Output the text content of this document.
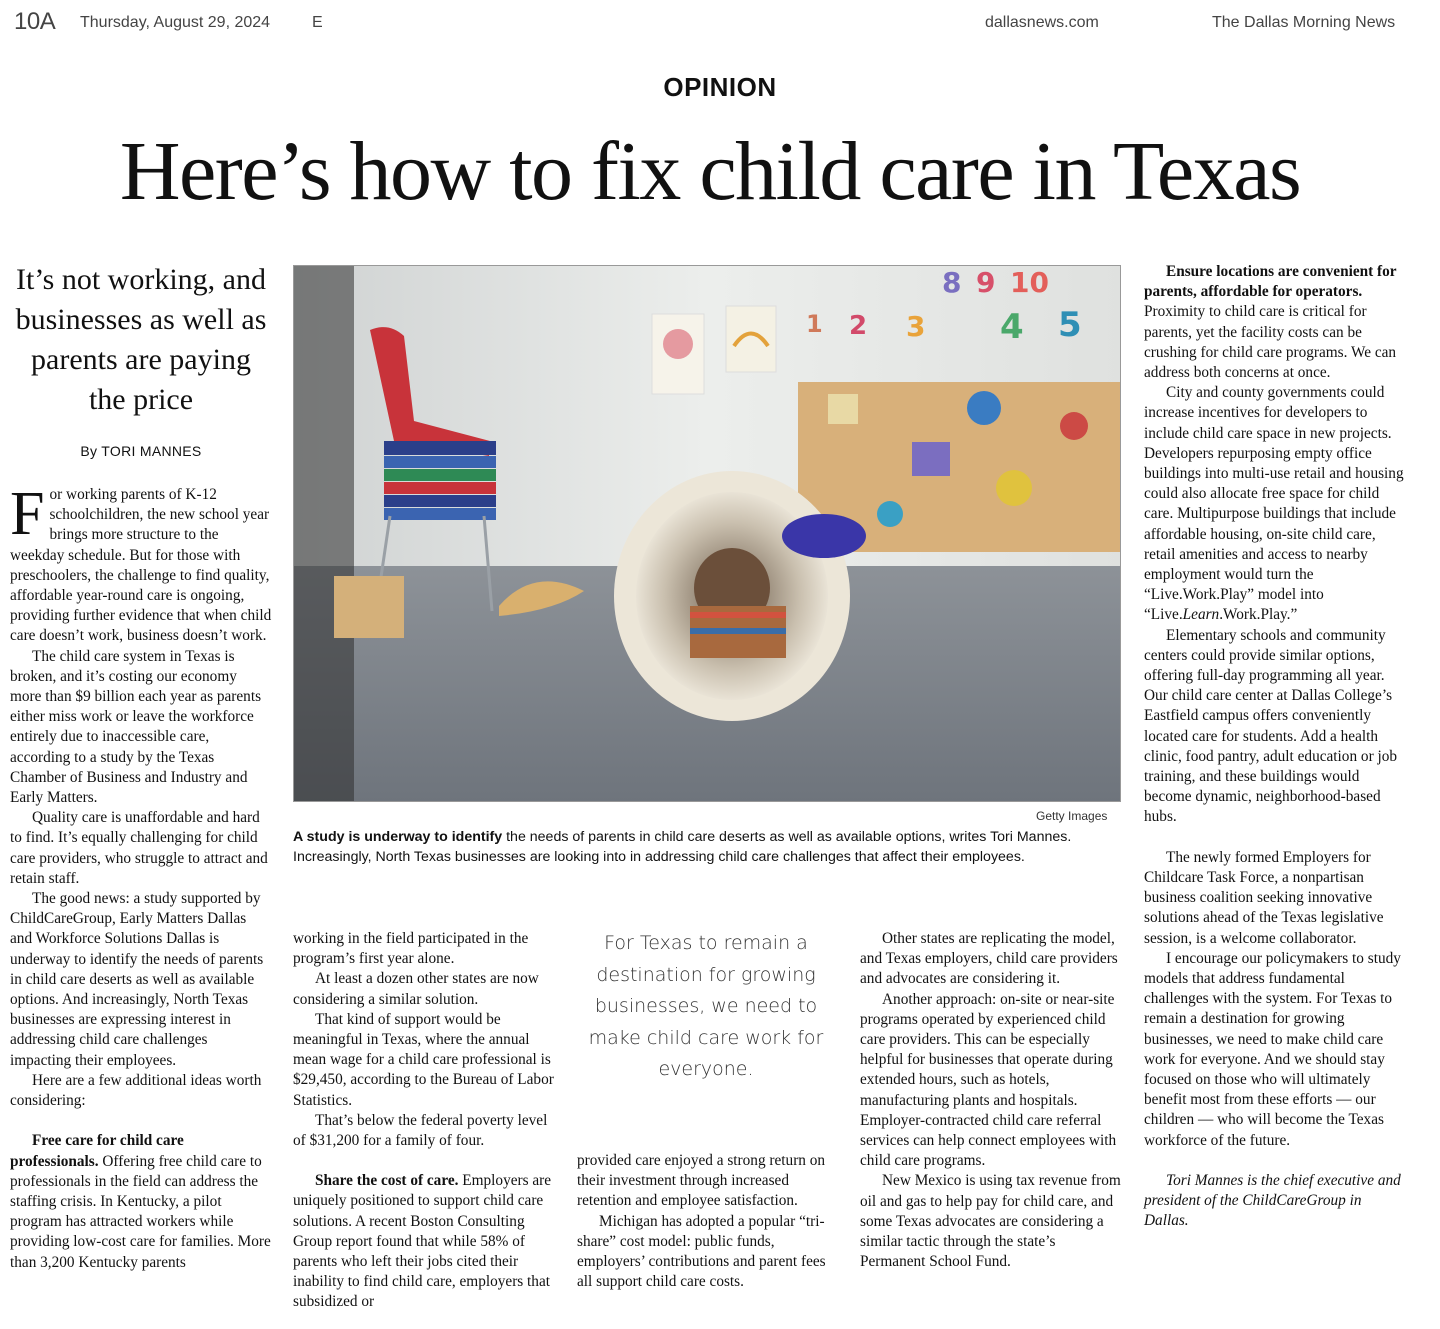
10A Thursday, August 29, 2024	E	dallasnews.com	The Dallas Morning News
OPINION
Here’s how to fix child care in Texas
It’s not working, and businesses as well as parents are paying the price
By TORI MANNES

F or working parents of K-12 schoolchildren, the new school year brings more structure to the weekday schedule. But for those with preschoolers, the challenge to find quality, affordable year-round care is ongoing, providing further evidence that when child care doesn’t work, business doesn’t work.

The child care system in Texas is broken, and it’s costing our economy more than $9 billion each year as parents either miss work or leave the workforce entirely due to inaccessible care, according to a study by the Texas Chamber of Business and Industry and Early Matters.

Quality care is unaffordable and hard to find. It’s equally challenging for child care providers, who struggle to attract and retain staff.

The good news: a study supported by ChildCareGroup, Early Matters Dallas and Workforce Solutions Dallas is underway to identify the needs of parents in child care deserts as well as available options. And increasingly, North Texas businesses are expressing interest in addressing child care challenges impacting their employees.

Here are a few additional ideas worth considering:

Free care for child care professionals. Offering free child care to professionals in the field can address the staffing crisis. In Kentucky, a pilot program has attracted workers while providing low-cost care for families. More than 3,200 Kentucky parents

8 9 10
1 2 3 4 5
Getty Images
A study is underway to identify the needs of parents in child care deserts as well as available options, writes Tori Mannes. Increasingly, North Texas businesses are looking into in addressing child care challenges that affect their employees.

working in the field participated in the program’s first year alone.

At least a dozen other states are now considering a similar solution.

That kind of support would be meaningful in Texas, where the annual mean wage for a child care professional is $29,450, according to the Bureau of Labor Statistics.

That’s below the federal poverty level of $31,200 for a family of four.

Share the cost of care. Employers are uniquely positioned to support child care solutions. A recent Boston Consulting Group report found that while 58% of parents who left their jobs cited their inability to find child care, employers that subsidized or

For Texas to remain a destination for growing businesses, we need to make child care work for everyone.

provided care enjoyed a strong return on their investment through increased retention and employee satisfaction.

Michigan has adopted a popular “tri-share” cost model: public funds, employers’ contributions and parent fees all support child care costs.

Other states are replicating the model, and Texas employers, child care providers and advocates are considering it.

Another approach: on-site or near-site programs operated by experienced child care providers. This can be especially helpful for businesses that operate during extended hours, such as hotels, manufacturing plants and hospitals. Employer-contracted child care referral services can help connect employees with child care programs.

New Mexico is using tax revenue from oil and gas to help pay for child care, and some Texas advocates are considering a similar tactic through the state’s Permanent School Fund.

Ensure locations are convenient for parents, affordable for operators. Proximity to child care is critical for parents, yet the facility costs can be crushing for child care programs. We can address both concerns at once.

City and county governments could increase incentives for developers to include child care space in new projects. Developers repurposing empty office buildings into multi-use retail and housing could also allocate free space for child care. Multipurpose buildings that include affordable housing, on-site child care, retail amenities and access to nearby employment would turn the “Live.Work.Play” model into “Live.Learn.Work.Play.”

Elementary schools and community centers could provide similar options, offering full-day programming all year. Our child care center at Dallas College’s Eastfield campus offers conveniently located care for students. Add a health clinic, food pantry, adult education or job training, and these buildings would become dynamic, neighborhood-based hubs.

The newly formed Employers for Childcare Task Force, a nonpartisan business coalition seeking innovative solutions ahead of the Texas legislative session, is a welcome collaborator.

I encourage our policymakers to study models that address fundamental challenges with the system. For Texas to remain a destination for growing businesses, we need to make child care work for everyone. And we should stay focused on those who will ultimately benefit most from these efforts — our children — who will become the Texas workforce of the future.

Tori Mannes is the chief executive and president of the ChildCareGroup in Dallas.
